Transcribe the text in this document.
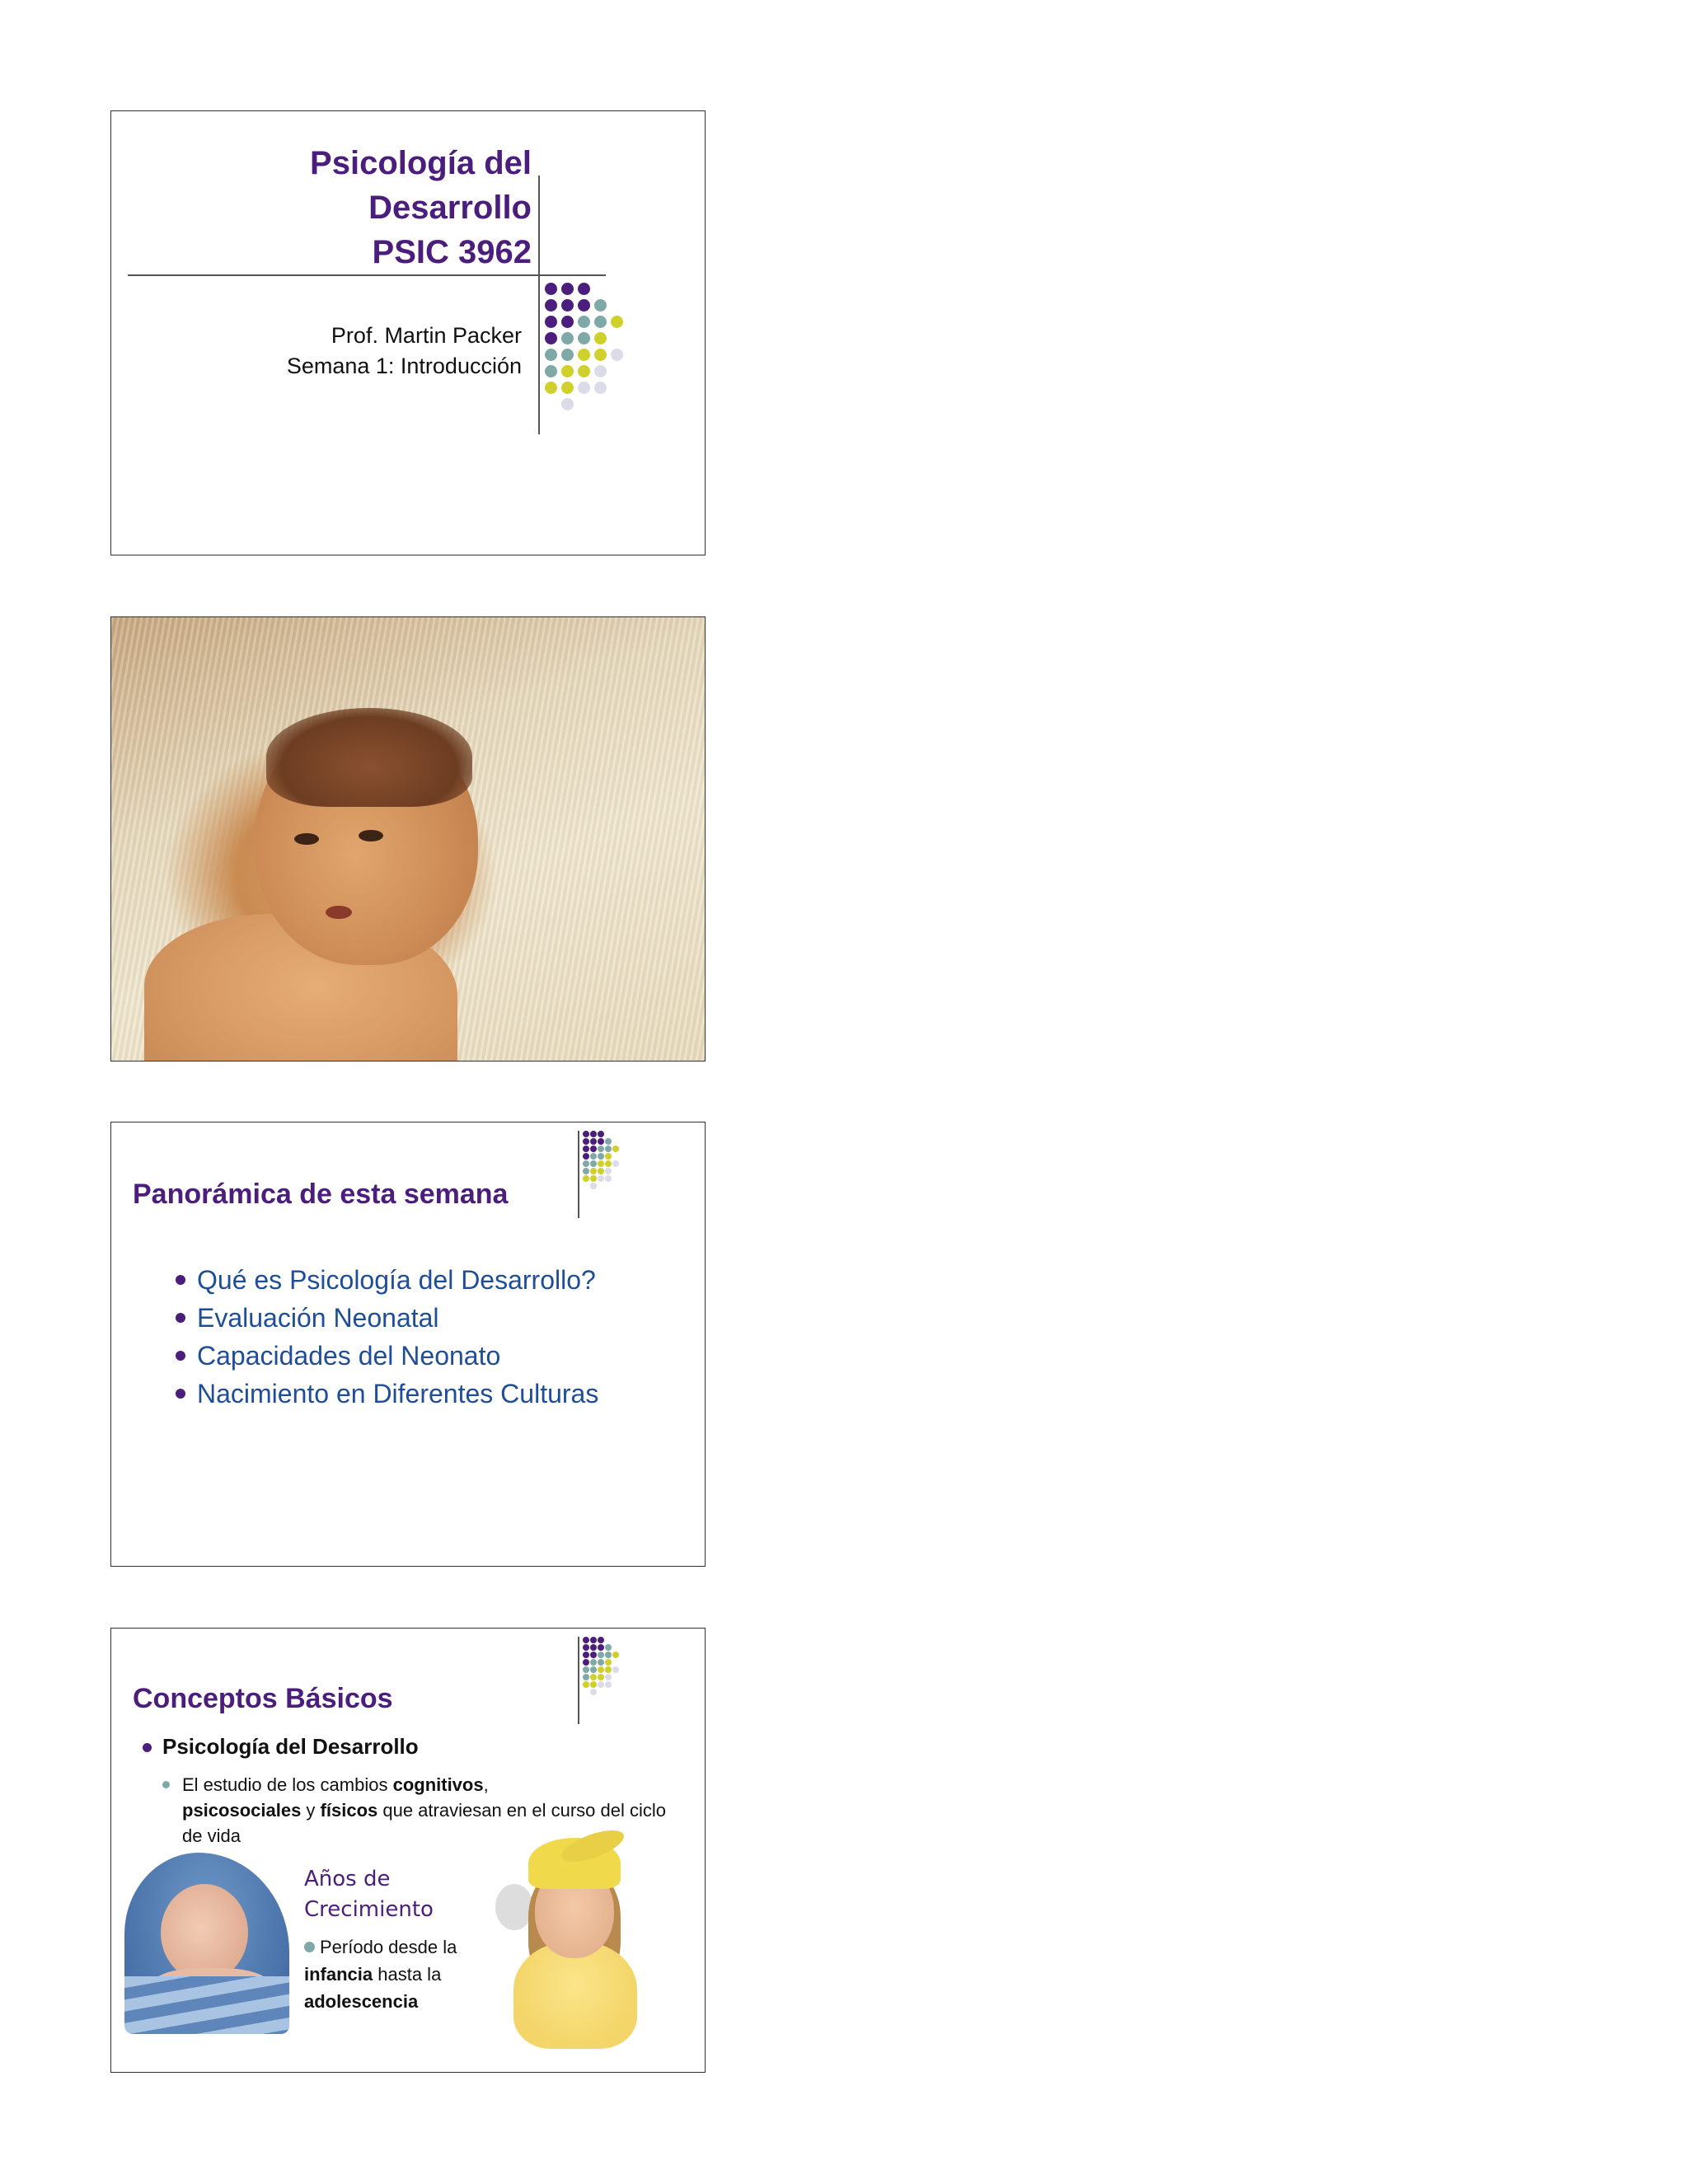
Psicología del
Desarrollo
PSIC 3962
Prof. Martin Packer
Semana 1: Introducción
Panorámica de esta semana
Qué es Psicología del Desarrollo?
Evaluación Neonatal
Capacidades del Neonato
Nacimiento en Diferentes Culturas
Conceptos Básicos
Psicología del Desarrollo
El estudio de los cambios cognitivos,
psicosociales y físicos que atraviesan en el curso del ciclo de vida
Años de
Crecimiento
Período desde la infancia hasta la adolescencia
